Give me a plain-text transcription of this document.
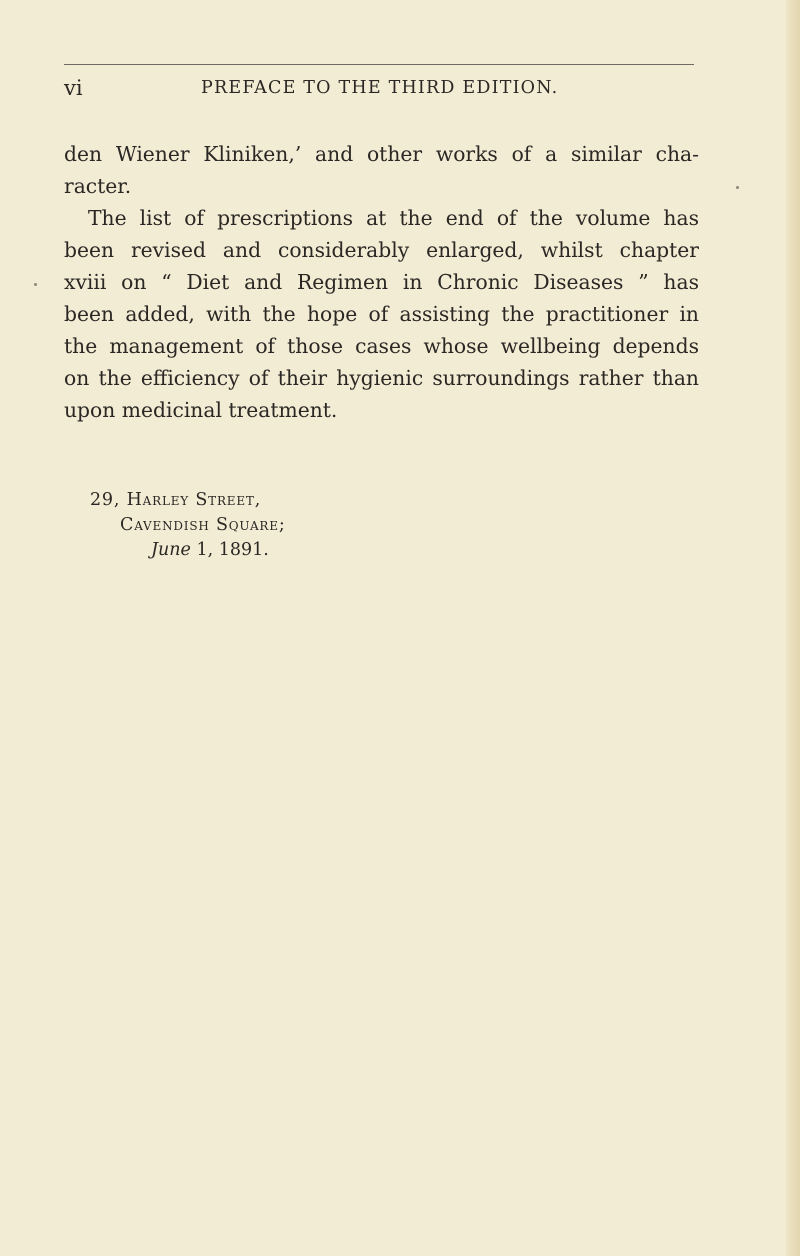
vi	PREFACE TO THE THIRD EDITION.
den Wiener Kliniken,’ and other works of a similar cha-
racter.
The list of prescriptions at the end of the volume has
been revised and considerably enlarged, whilst chapter
xviii on “ Diet and Regimen in Chronic Diseases ” has
been added, with the hope of assisting the practitioner in
the management of those cases whose wellbeing depends
on the efficiency of their hygienic surroundings rather than
upon medicinal treatment.
29, Harley Street,
Cavendish Square;
June 1, 1891.
